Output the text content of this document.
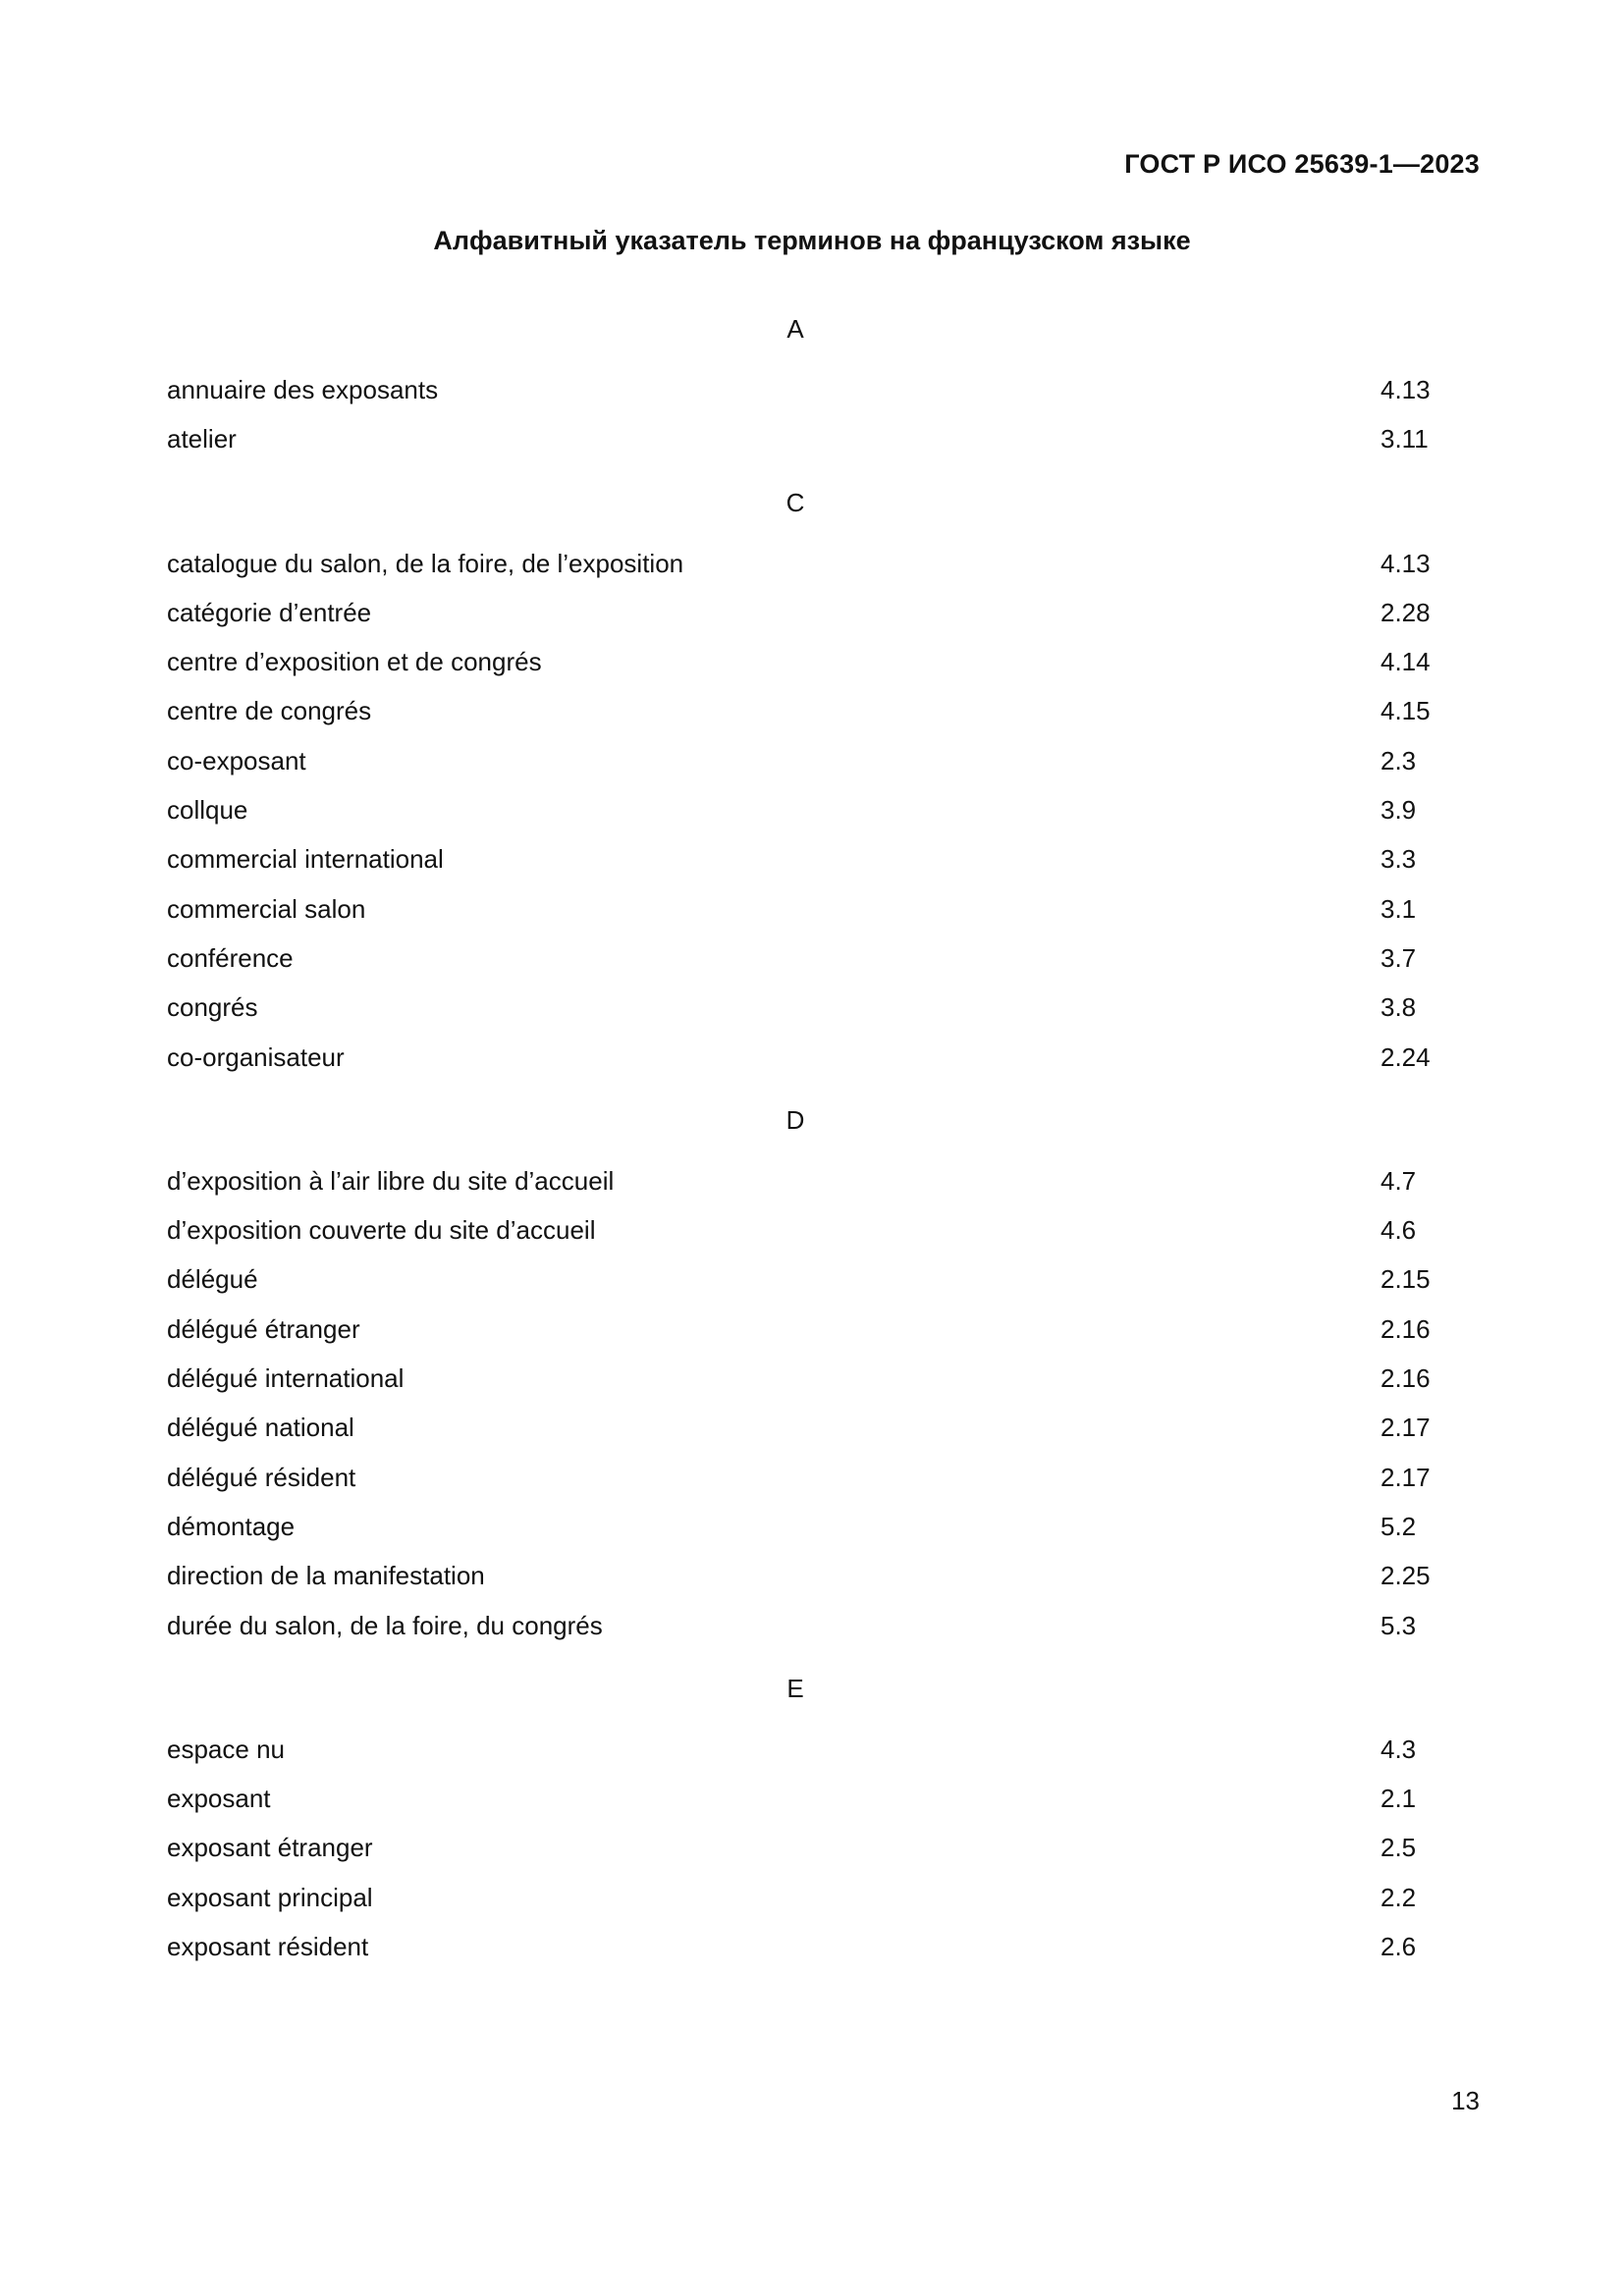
ГОСТ Р ИСО 25639-1—2023
Алфавитный указатель терминов на французском языке
A
annuaire des exposants	4.13
atelier	3.11
C
catalogue du salon, de la foire, de l’exposition	4.13
catégorie d’entrée	2.28
centre d’exposition et de congrés	4.14
centre de congrés	4.15
co-exposant	2.3
collque	3.9
commercial international	3.3
commercial salon	3.1
conférence	3.7
congrés	3.8
co-organisateur	2.24
D
d’exposition à l’air libre du site d’accueil	4.7
d’exposition couverte du site d’accueil	4.6
délégué	2.15
délégué étranger	2.16
délégué international	2.16
délégué national	2.17
délégué résident	2.17
démontage	5.2
direction de la manifestation	2.25
durée du salon, de la foire, du congrés	5.3
E
espace nu	4.3
exposant	2.1
exposant étranger	2.5
exposant principal	2.2
exposant résident	2.6
13
